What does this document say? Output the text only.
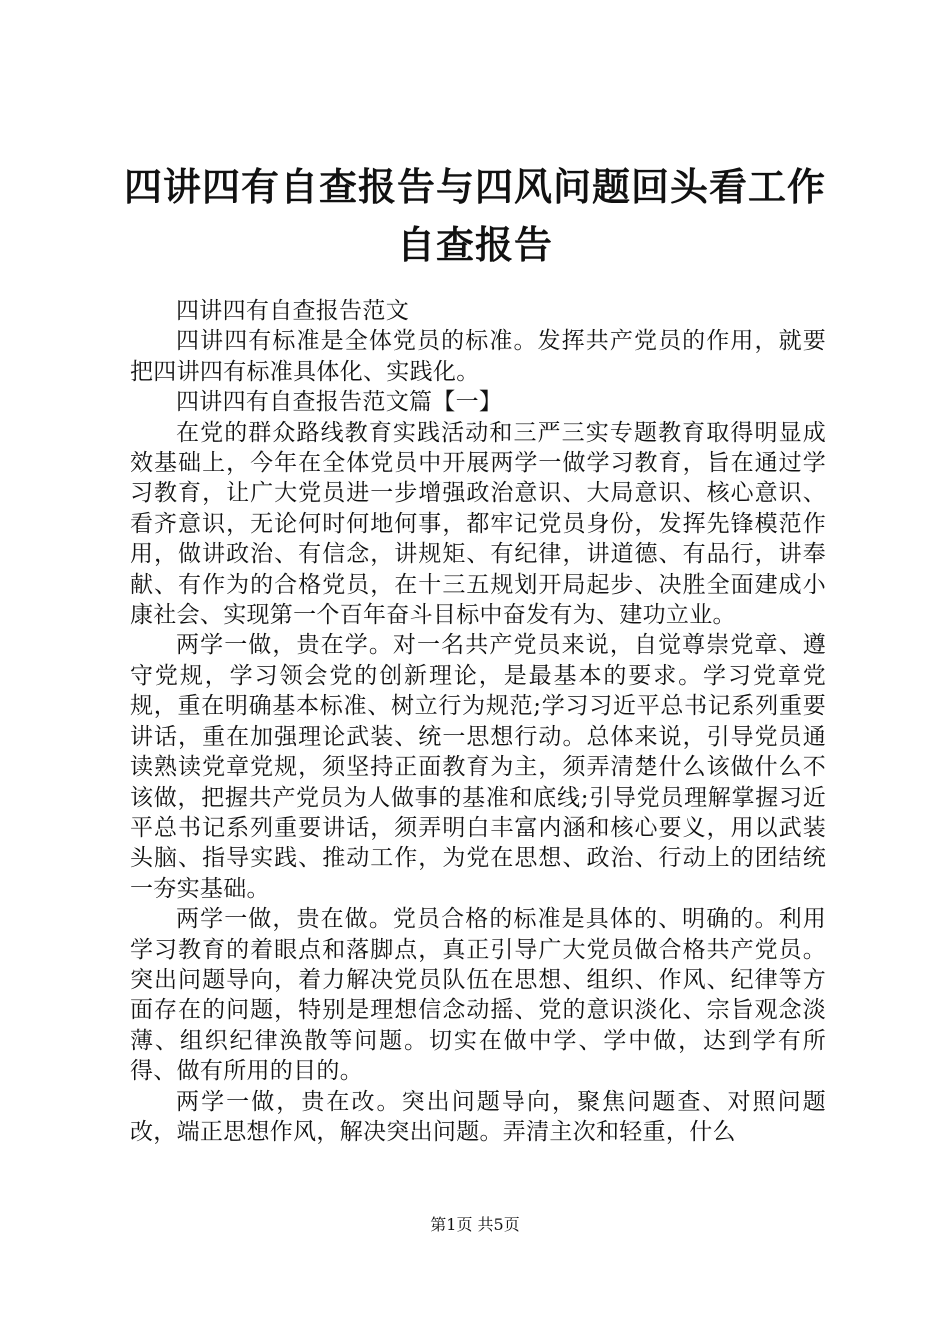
四讲四有自查报告与四风问题回头看工作自查报告

四讲四有自查报告范文

四讲四有标准是全体党员的标准。发挥共产党员的作用，就要把四讲四有标准具体化、实践化。

四讲四有自查报告范文篇【一】

在党的群众路线教育实践活动和三严三实专题教育取得明显成效基础上，今年在全体党员中开展两学一做学习教育，旨在通过学习教育，让广大党员进一步增强政治意识、大局意识、核心意识、看齐意识，无论何时何地何事，都牢记党员身份，发挥先锋模范作用，做讲政治、有信念，讲规矩、有纪律，讲道德、有品行，讲奉献、有作为的合格党员，在十三五规划开局起步、决胜全面建成小康社会、实现第一个百年奋斗目标中奋发有为、建功立业。

两学一做，贵在学。对一名共产党员来说，自觉尊崇党章、遵守党规，学习领会党的创新理论，是最基本的要求。学习党章党规，重在明确基本标准、树立行为规范;学习习近平总书记系列重要讲话，重在加强理论武装、统一思想行动。总体来说，引导党员通读熟读党章党规，须坚持正面教育为主，须弄清楚什么该做什么不该做，把握共产党员为人做事的基准和底线;引导党员理解掌握习近平总书记系列重要讲话，须弄明白丰富内涵和核心要义，用以武装头脑、指导实践、推动工作，为党在思想、政治、行动上的团结统一夯实基础。

两学一做，贵在做。党员合格的标准是具体的、明确的。利用学习教育的着眼点和落脚点，真正引导广大党员做合格共产党员。突出问题导向，着力解决党员队伍在思想、组织、作风、纪律等方面存在的问题，特别是理想信念动摇、党的意识淡化、宗旨观念淡薄、组织纪律涣散等问题。切实在做中学、学中做，达到学有所得、做有所用的目的。

两学一做，贵在改。突出问题导向，聚焦问题查、对照问题改，端正思想作风，解决突出问题。弄清主次和轻重，什么

第1页 共5页
